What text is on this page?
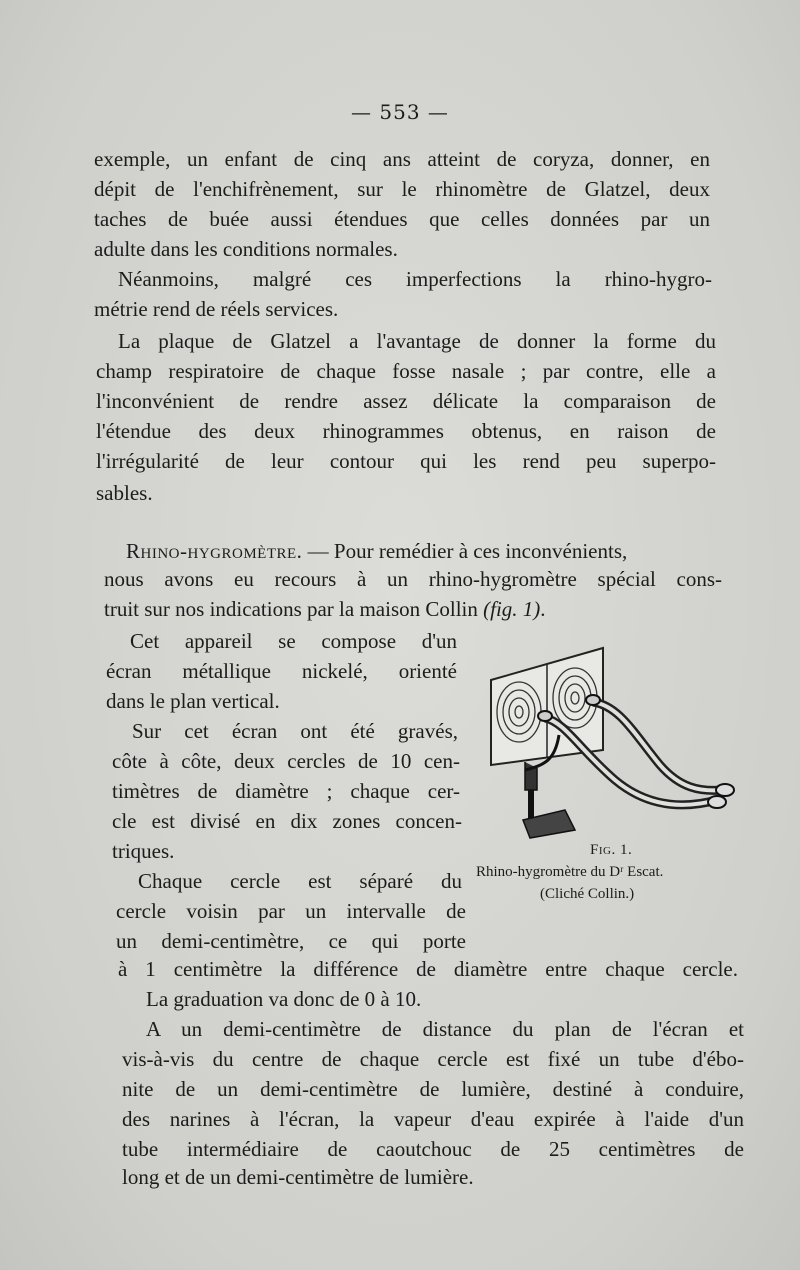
— 553 —
exemple, un enfant de cinq ans atteint de coryza, donner, en
dépit de l'enchifrènement, sur le rhinomètre de Glatzel, deux
taches de buée aussi étendues que celles données par un
adulte dans les conditions normales.
Néanmoins, malgré ces imperfections la rhino-hygro-
métrie rend de réels services.
La plaque de Glatzel a l'avantage de donner la forme du
champ respiratoire de chaque fosse nasale ; par contre, elle a
l'inconvénient de rendre assez délicate la comparaison de
l'étendue des deux rhinogrammes obtenus, en raison de
l'irrégularité de leur contour qui les rend peu superpo-
sables.
Rhino-hygromètre. — Pour remédier à ces inconvénients,
nous avons eu recours à un rhino-hygromètre spécial cons-
truit sur nos indications par la maison Collin (fig. 1).
Cet appareil se compose d'un
écran métallique nickelé, orienté
dans le plan vertical.
Sur cet écran ont été gravés,
côte à côte, deux cercles de 10 cen-
timètres de diamètre ; chaque cer-
cle est divisé en dix zones concen-
triques.
Chaque cercle est séparé du
cercle voisin par un intervalle de
un demi-centimètre, ce qui porte
à 1 centimètre la différence de diamètre entre chaque cercle.
La graduation va donc de 0 à 10.
A un demi-centimètre de distance du plan de l'écran et
vis-à-vis du centre de chaque cercle est fixé un tube d'ébo-
nite de un demi-centimètre de lumière, destiné à conduire,
des narines à l'écran, la vapeur d'eau expirée à l'aide d'un
tube intermédiaire de caoutchouc de 25 centimètres de
long et de un demi-centimètre de lumière.
Fig. 1.
Rhino-hygromètre du Dʳ Escat.
(Cliché Collin.)
